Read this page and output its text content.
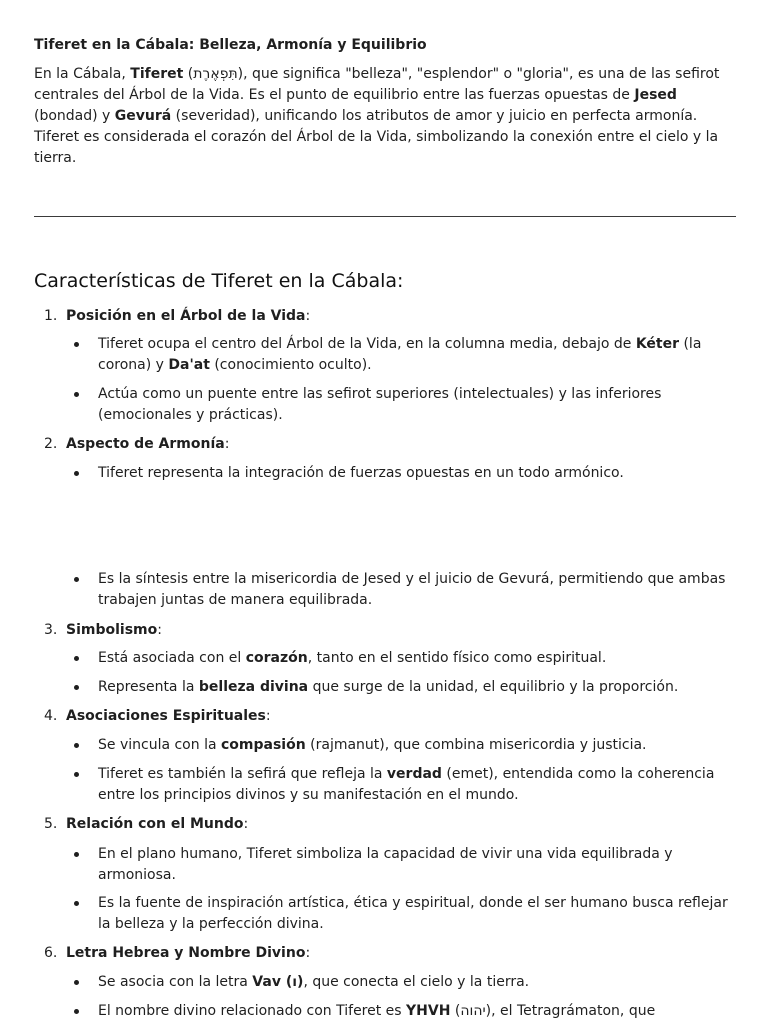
Tiferet en la Cábala: Belleza, Armonía y Equilibrio

En la Cábala, Tiferet (תִּפְאֶרֶת), que significa "belleza", "esplendor" o "gloria", es una de las sefirot centrales del Árbol de la Vida. Es el punto de equilibrio entre las fuerzas opuestas de Jesed (bondad) y Gevurá (severidad), unificando los atributos de amor y juicio en perfecta armonía. Tiferet es considerada el corazón del Árbol de la Vida, simbolizando la conexión entre el cielo y la tierra.

Características de Tiferet en la Cábala:
1. Posición en el Árbol de la Vida:
Tiferet ocupa el centro del Árbol de la Vida, en la columna media, debajo de Kéter (la corona) y Da'at (conocimiento oculto).
Actúa como un puente entre las sefirot superiores (intelectuales) y las inferiores (emocionales y prácticas).
2. Aspecto de Armonía:
Tiferet representa la integración de fuerzas opuestas en un todo armónico.
Es la síntesis entre la misericordia de Jesed y el juicio de Gevurá, permitiendo que ambas trabajen juntas de manera equilibrada.
3. Simbolismo:
Está asociada con el corazón, tanto en el sentido físico como espiritual.
Representa la belleza divina que surge de la unidad, el equilibrio y la proporción.
4. Asociaciones Espirituales:
Se vincula con la compasión (rajmanut), que combina misericordia y justicia.
Tiferet es también la sefirá que refleja la verdad (emet), entendida como la coherencia entre los principios divinos y su manifestación en el mundo.
5. Relación con el Mundo:
En el plano humano, Tiferet simboliza la capacidad de vivir una vida equilibrada y armoniosa.
Es la fuente de inspiración artística, ética y espiritual, donde el ser humano busca reflejar la belleza y la perfección divina.
6. Letra Hebrea y Nombre Divino:
Se asocia con la letra Vav (ו), que conecta el cielo y la tierra.
El nombre divino relacionado con Tiferet es YHVH (יהוה), el Tetragrámaton, que
